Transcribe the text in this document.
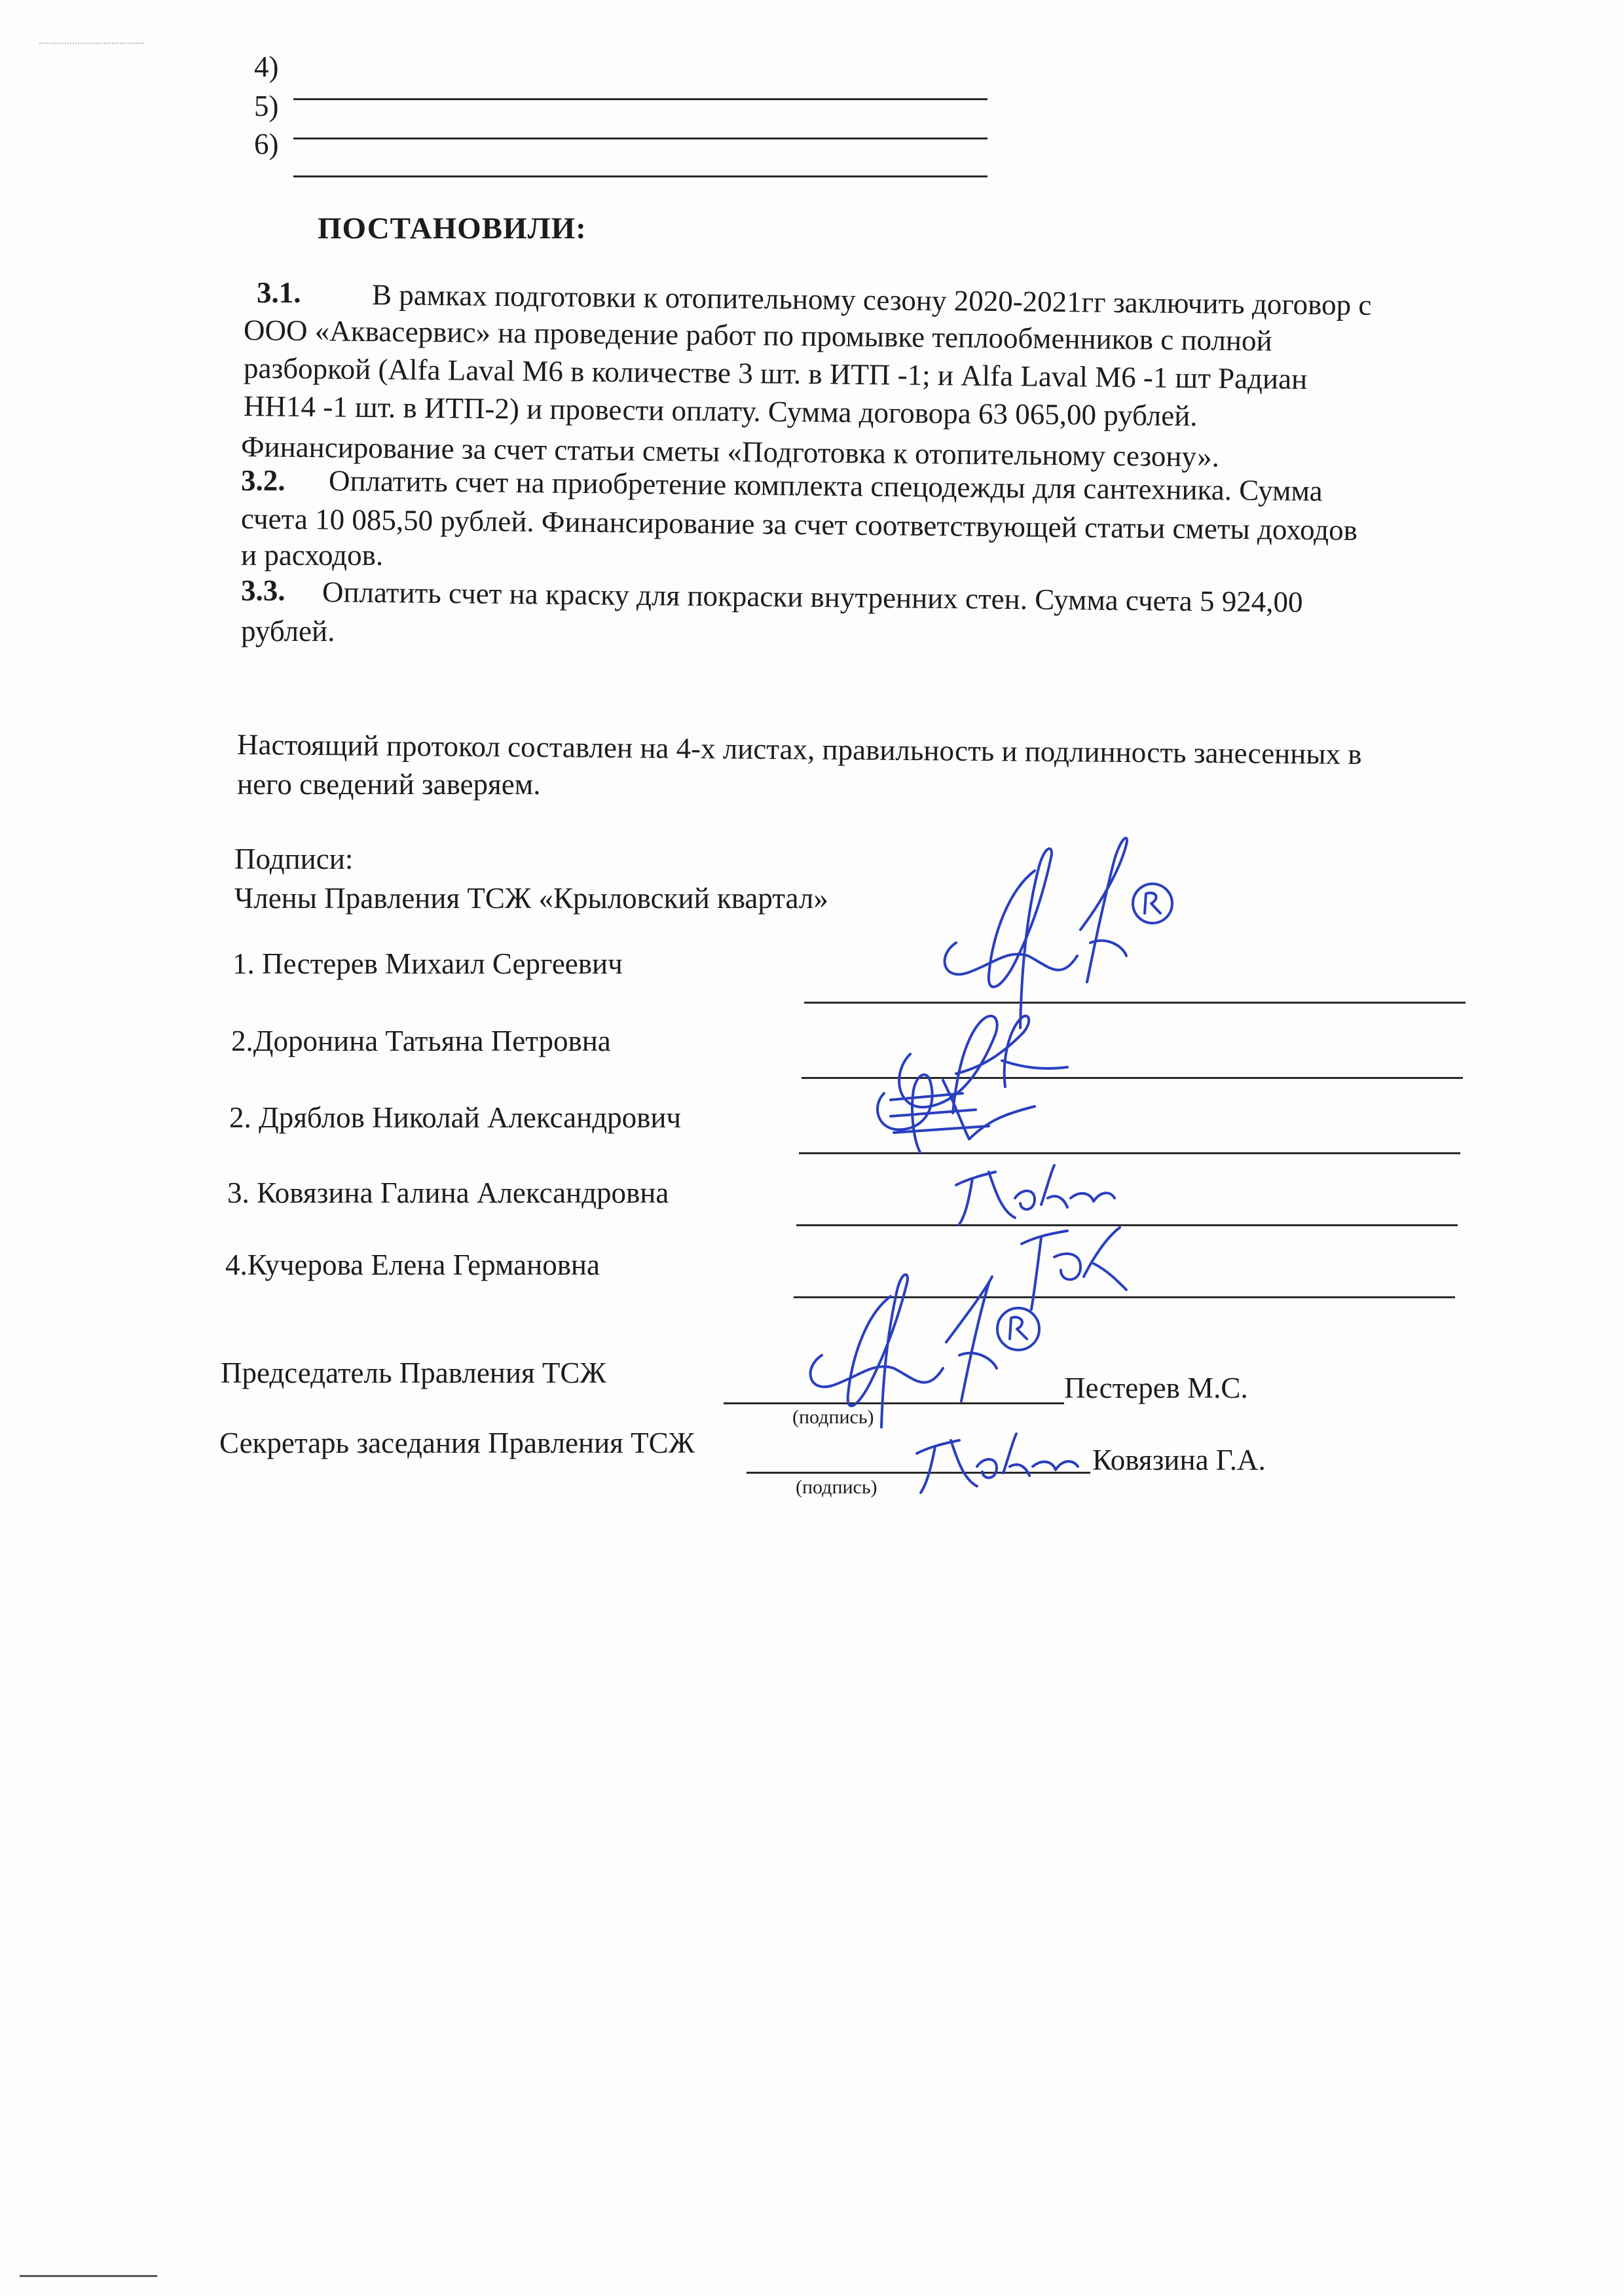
4)
5)
6)
ПОСТАНОВИЛИ:
3.1. В рамках подготовки к отопительному сезону 2020-2021гг заключить договор с
ООО «Аквасервис» на проведение работ по промывке теплообменников с полной
разборкой (Alfa Laval M6 в количестве 3 шт. в ИТП -1; и Alfa Laval M6 -1 шт Радиан
НН14 -1 шт. в ИТП-2) и провести оплату. Сумма договора 63 065,00 рублей.
Финансирование за счет статьи сметы «Подготовка к отопительному сезону».
3.2. Оплатить счет на приобретение комплекта спецодежды для сантехника. Сумма
счета 10 085,50 рублей. Финансирование за счет соответствующей статьи сметы доходов
и расходов.
3.3. Оплатить счет на краску для покраски внутренних стен. Сумма счета 5 924,00
рублей.
Настоящий протокол составлен на 4-х листах, правильность и подлинность занесенных в
него сведений заверяем.
Подписи:
Члены Правления ТСЖ «Крыловский квартал»
1. Пестерев Михаил Сергеевич
2.Доронина Татьяна Петровна
2. Дряблов Николай Александрович
3. Ковязина Галина Александровна
4.Кучерова Елена Германовна
Председатель Правления ТСЖ	Пестерев М.С.
(подпись)
Секретарь заседания Правления ТСЖ
Ковязина Г.А.
(подпись)
